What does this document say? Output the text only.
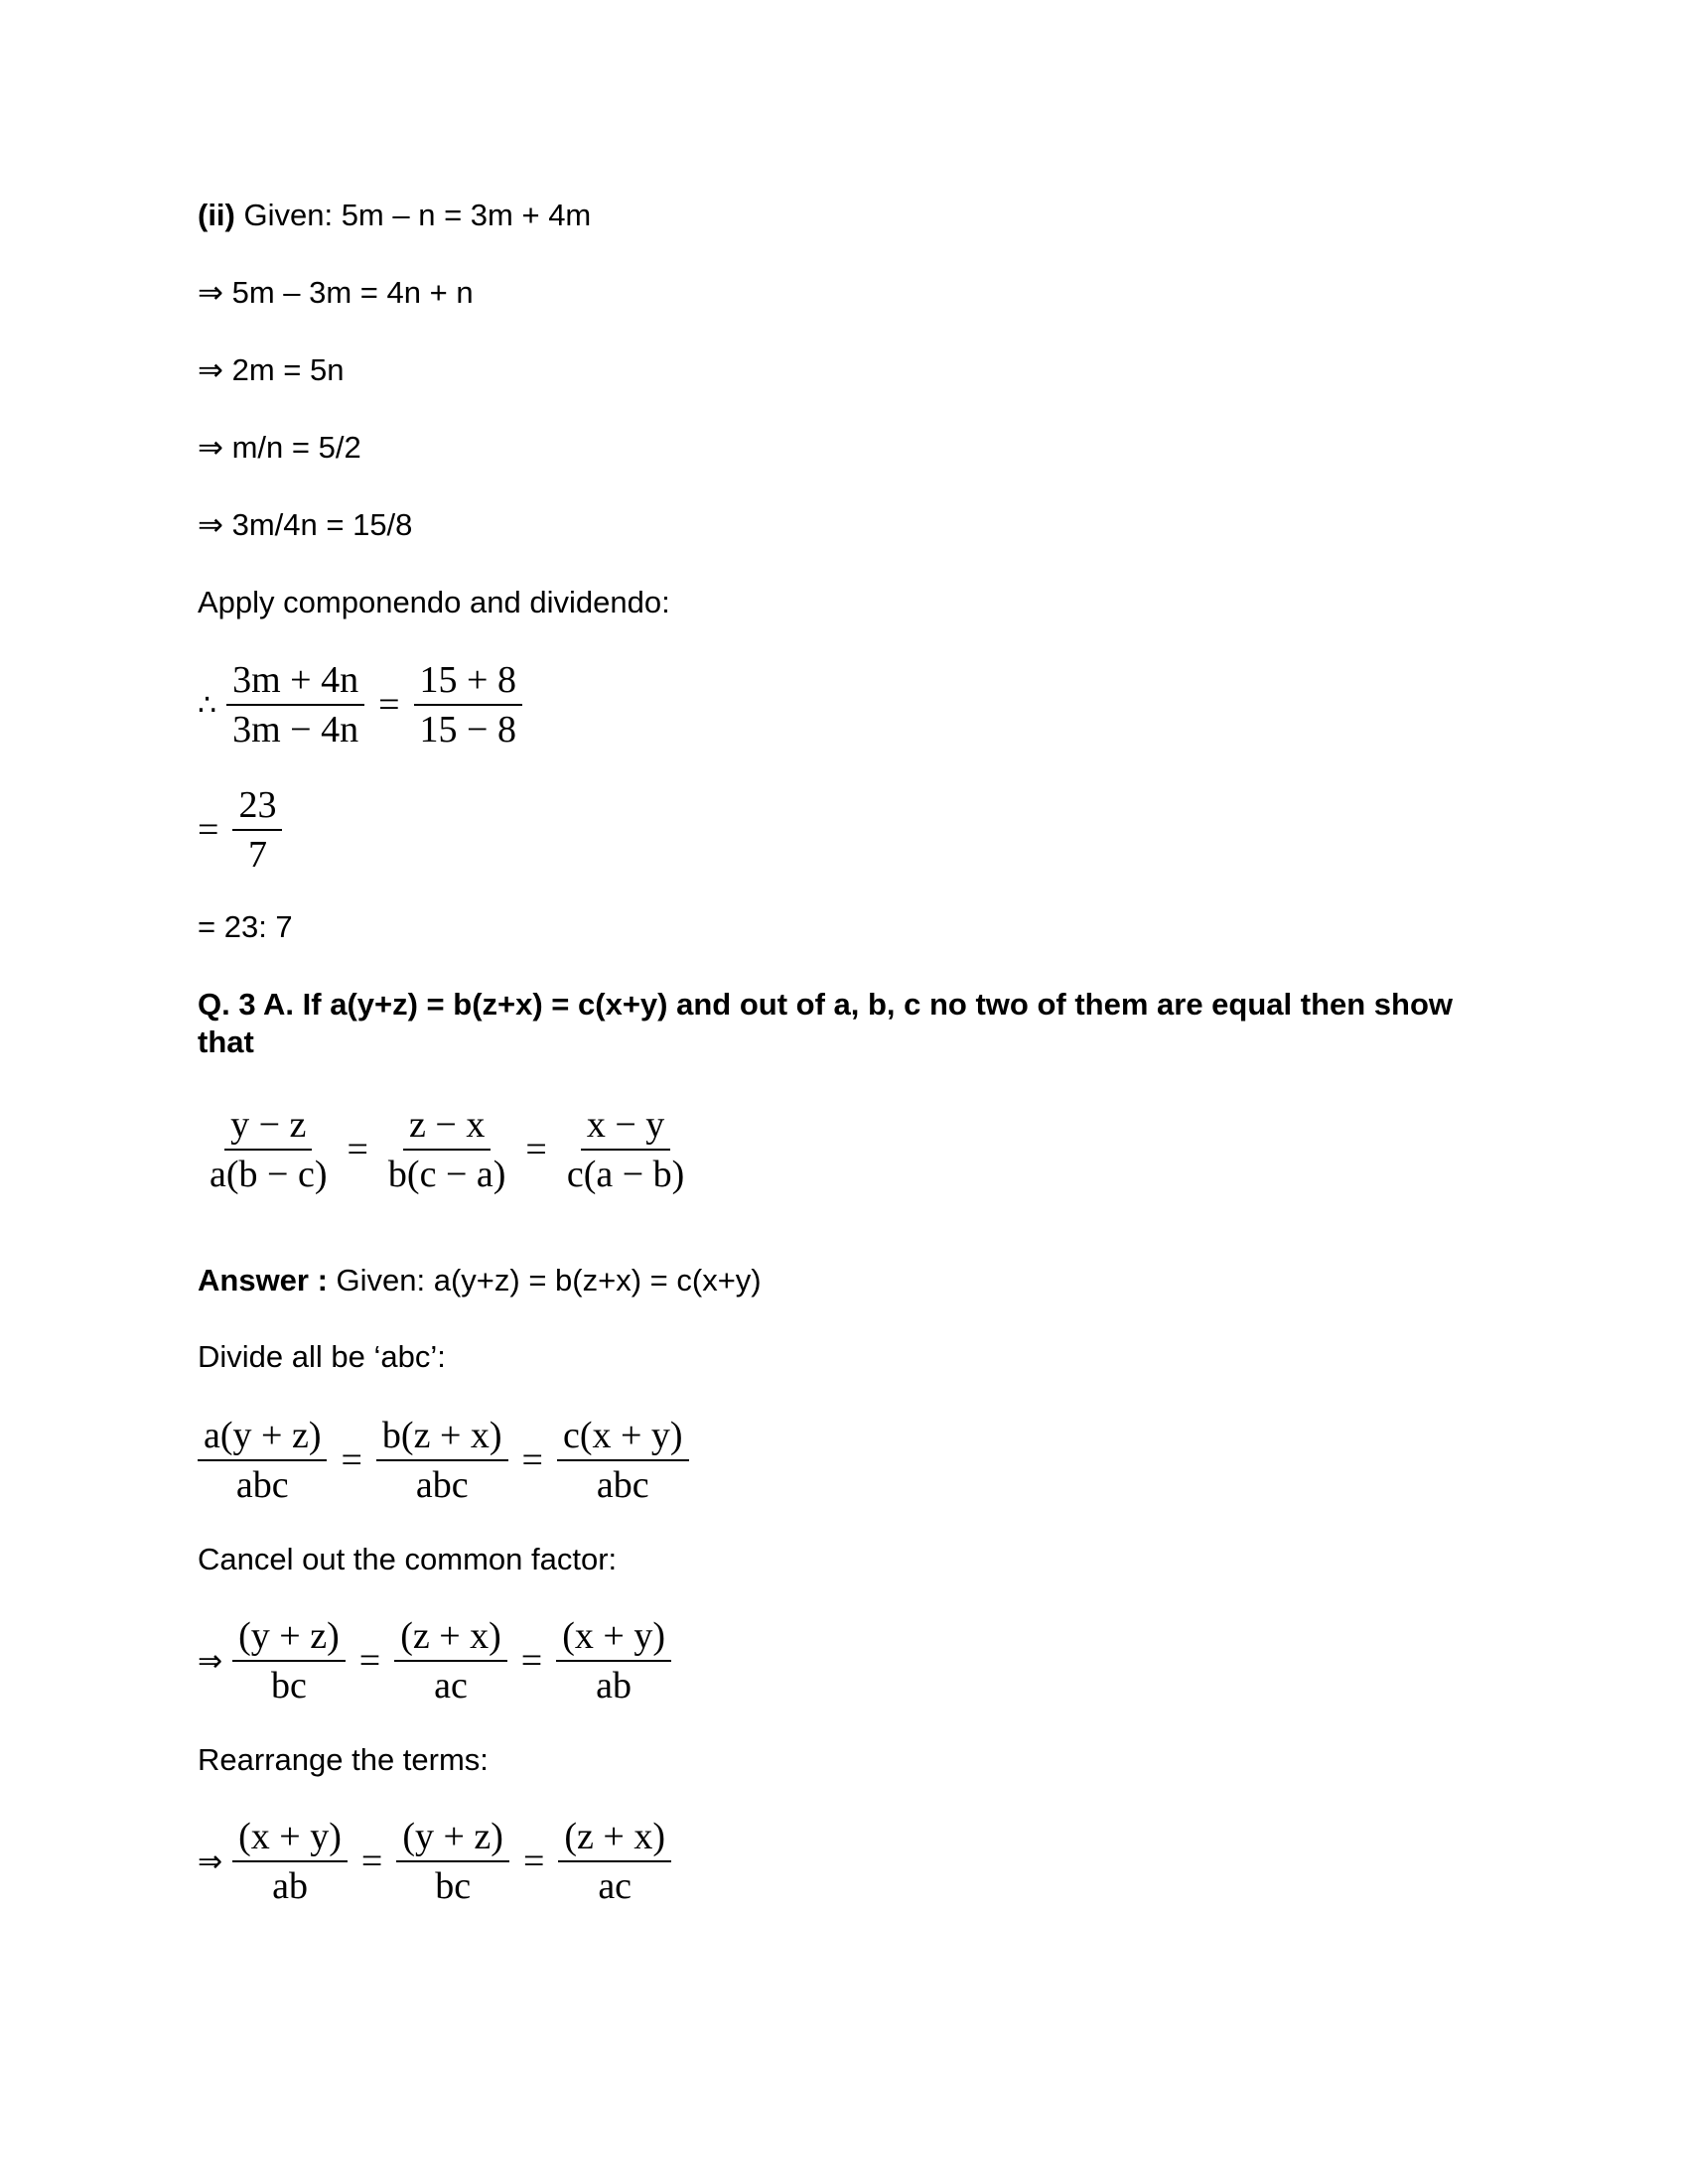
(ii) Given: 5m – n = 3m + 4m
⇒ 5m – 3m = 4n + n
⇒ 2m = 5n
⇒ m/n = 5/2
⇒ 3m/4n = 15/8
Apply componendo and dividendo:
∴ $\frac{3m + 4n}{3m - 4n} = \frac{15 + 8}{15 - 8}$
= $\frac{23}{7}$
= 23: 7
Q. 3 A. If a(y+z) = b(z+x) = c(x+y) and out of a, b, c no two of them are equal then show that
$\frac{y - z}{a(b - c)} = \frac{z - x}{b(c - a)} = \frac{x - y}{c(a - b)}$
Answer : Given: a(y+z) = b(z+x) = c(x+y)
Divide all be ‘abc’:
$\frac{a(y + z)}{\text{abc}} = \frac{b(z + x)}{\text{abc}} = \frac{c(x + y)}{\text{abc}}$
Cancel out the common factor:
⇒ $\frac{(y + z)}{bc} = \frac{(z + x)}{ac} = \frac{(x + y)}{ab}$
Rearrange the terms:
⇒ $\frac{(x + y)}{ab} = \frac{(y + z)}{bc} = \frac{(z + x)}{ac}$
